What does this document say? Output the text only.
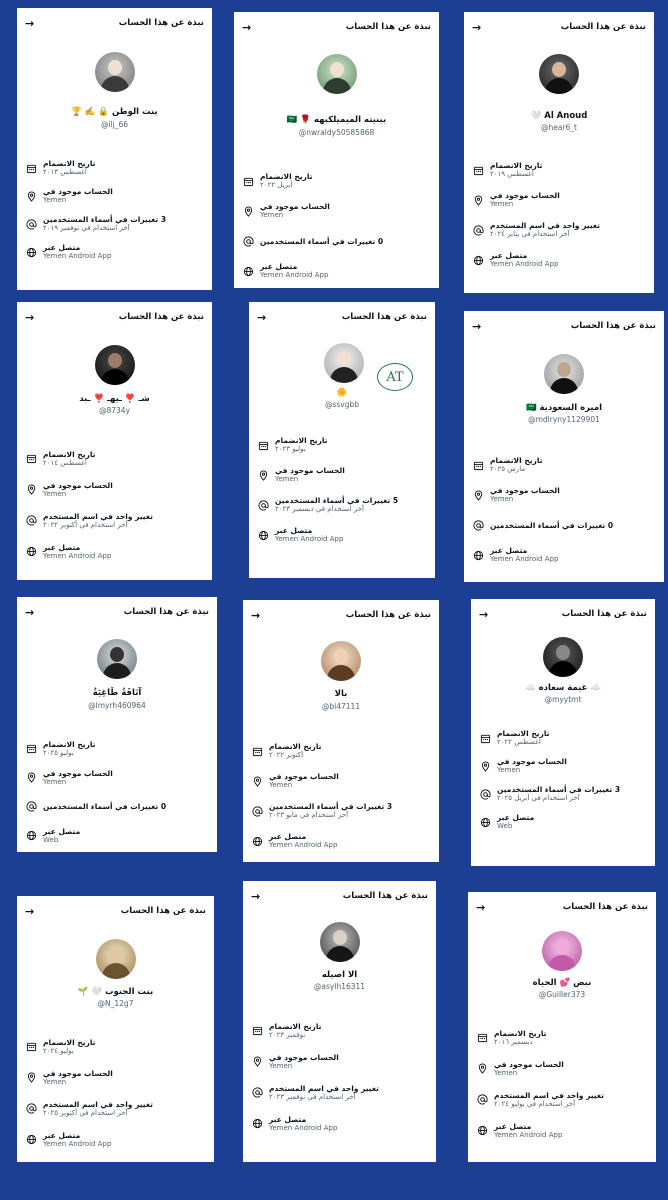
نبذة عن هذا الحساب
→
بنت الوطن 🔒 ✍️ 🏆
@ilj_66
تاريخ الانضمام
أغسطس ٢٠١٣
الحساب موجود في
Yemen
3 تغييرات في أسماء المستخدمين
آخر استخدام في نوفمبر ٢٠١٩
متصل عبر
Yemen Android App
نبذة عن هذا الحساب
→
ببنيته الميميلكبهه 🌹 🇸🇦
@nwraldy50585868
تاريخ الانضمام
أبريل ٢٠٢٢
الحساب موجود في
Yemen
0 تغييرات في أسماء المستخدمين
متصل عبر
Yemen Android App
نبذة عن هذا الحساب
→
Al Anoud 🤍
@hear6_t
تاريخ الانضمام
أغسطس ٢٠١٩
الحساب موجود في
Yemen
تغيير واحد في اسم المستخدم
آخر استخدام في يناير ٢٠٢٤
متصل عبر
Yemen Android App
نبذة عن هذا الحساب
→
شـ ❣️ ـيهـ ❣️ ـبد
@8734y
تاريخ الانضمام
أغسطس ٢٠١٤
الحساب موجود في
Yemen
تغيير واحد في اسم المستخدم
آخر استخدام في أكتوبر ٢٠٢٢
متصل عبر
Yemen Android App
نبذة عن هذا الحساب
→
AT
🌼
@ssvgbb
تاريخ الانضمام
يوليو ٢٠٢٣
الحساب موجود في
Yemen
5 تغييرات في أسماء المستخدمين
آخر استخدام في ديسمبر ٢٠٢٣
متصل عبر
Yemen Android App
نبذة عن هذا الحساب
→
اميره السعودية 🇸🇦
@mdlryny1129901
تاريخ الانضمام
مارس ٢٠٢٥
الحساب موجود في
Yemen
0 تغييرات في أسماء المستخدمين
متصل عبر
Yemen Android App
نبذة عن هذا الحساب
→
آنَاقَةُ طَاغِيَةُ
@lmyrh460964
تاريخ الانضمام
يوليو ٢٠٢٥
الحساب موجود في
Yemen
0 تغييرات في أسماء المستخدمين
متصل عبر
Web
نبذة عن هذا الحساب
→
بالا
@bl47111
تاريخ الانضمام
أكتوبر ٢٠٢٢
الحساب موجود في
Yemen
3 تغييرات في أسماء المستخدمين
آخر استخدام في مايو ٢٠٢٣
متصل عبر
Yemen Android App
نبذة عن هذا الحساب
→
☁️ غيمة سعاده ☁️
@myytmt
تاريخ الانضمام
أغسطس ٢٠٢٢
الحساب موجود في
Yemen
3 تغييرات في أسماء المستخدمين
آخر استخدام في أبريل ٢٠٢٥
متصل عبر
Web
نبذة عن هذا الحساب
→
بنت الجنوب 🤍 🌱
@N_12g7
تاريخ الانضمام
يوليو ٢٠٢٤
الحساب موجود في
Yemen
تغيير واحد في اسم المستخدم
آخر استخدام في أكتوبر ٢٠٢٥
متصل عبر
Yemen Android App
نبذة عن هذا الحساب
→
الا اصيله
@asylh16311
تاريخ الانضمام
نوفمبر ٢٠٢٣
الحساب موجود في
Yemen
تغيير واحد في اسم المستخدم
آخر استخدام في نوفمبر ٢٠٢٣
متصل عبر
Yemen Android App
نبذة عن هذا الحساب
→
نبض 💕 الحياه
@Guiller373
تاريخ الانضمام
ديسمبر ٢٠١٦
الحساب موجود في
Yemen
تغيير واحد في اسم المستخدم
آخر استخدام في يوليو ٢٠٢٤
متصل عبر
Yemen Android App
